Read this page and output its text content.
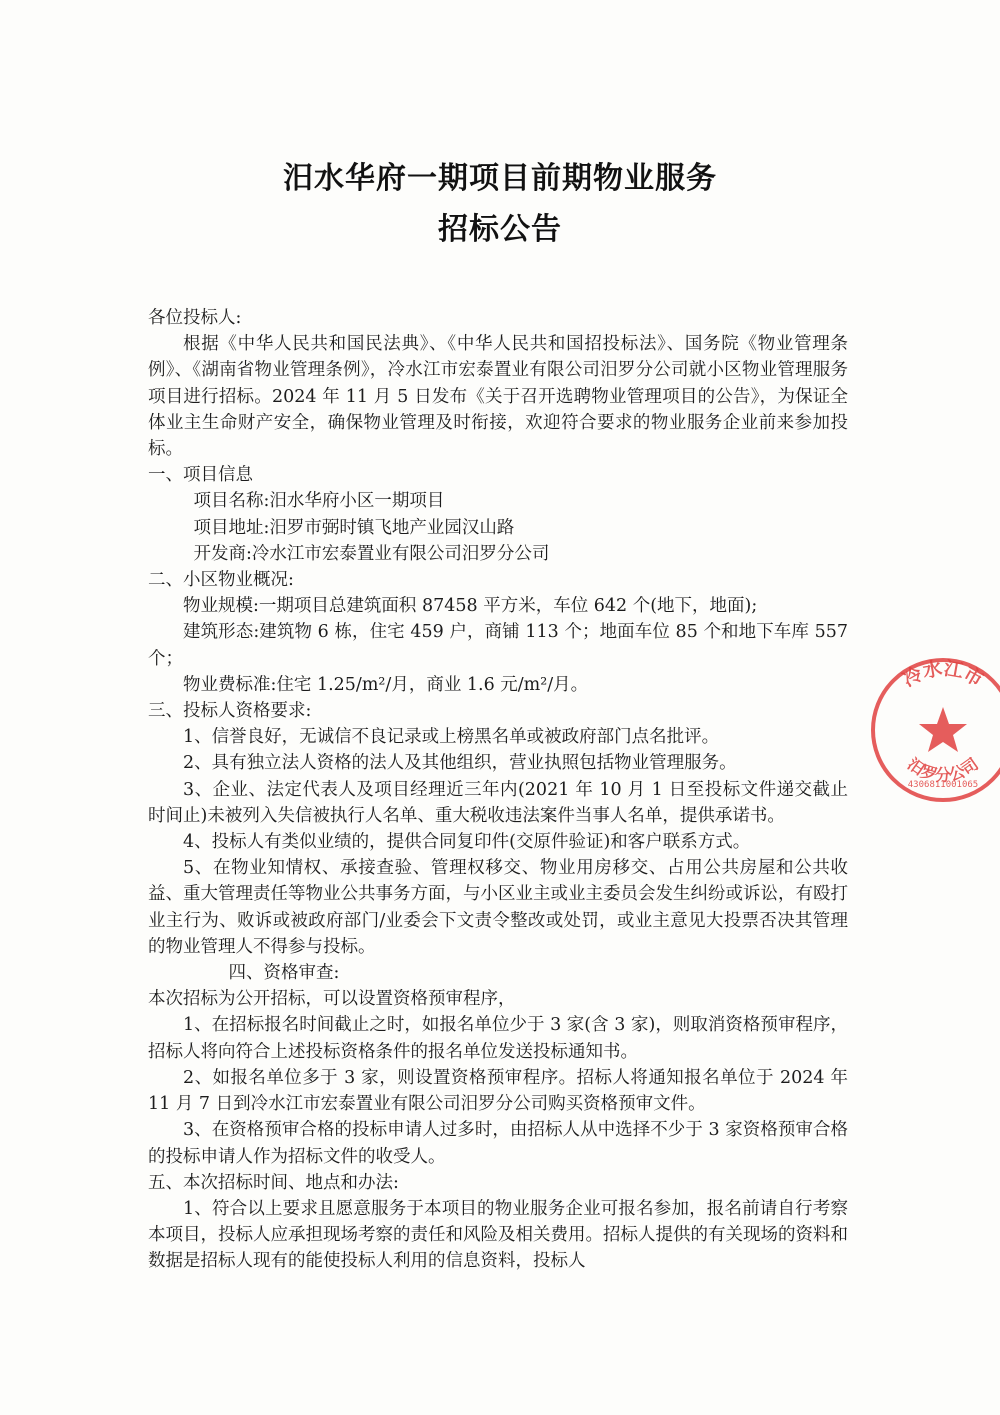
汨水华府一期项目前期物业服务
招标公告

各位投标人:

根据《中华人民共和国民法典》、《中华人民共和国招投标法》、国务院《物业管理条例》、《湖南省物业管理条例》，冷水江市宏泰置业有限公司汨罗分公司就小区物业管理服务项目进行招标。2024 年 11 月 5 日发布《关于召开选聘物业管理项目的公告》，为保证全体业主生命财产安全，确保物业管理及时衔接，欢迎符合要求的物业服务企业前来参加投标。

一、项目信息

项目名称:汨水华府小区一期项目

项目地址:汨罗市弼时镇飞地产业园汉山路

开发商:冷水江市宏泰置业有限公司汨罗分公司

二、小区物业概况:

物业规模:一期项目总建筑面积 87458 平方米，车位 642 个(地下，地面);

建筑形态:建筑物 6 栋，住宅 459 户，商铺 113 个；地面车位 85 个和地下车库 557 个；

物业费标准:住宅 1.25/m²/月，商业 1.6 元/m²/月。

三、投标人资格要求:

1、信誉良好，无诚信不良记录或上榜黑名单或被政府部门点名批评。

2、具有独立法人资格的法人及其他组织，营业执照包括物业管理服务。

3、企业、法定代表人及项目经理近三年内(2021 年 10 月 1 日至投标文件递交截止时间止)未被列入失信被执行人名单、重大税收违法案件当事人名单，提供承诺书。

4、投标人有类似业绩的，提供合同复印件(交原件验证)和客户联系方式。

5、在物业知情权、承接查验、管理权移交、物业用房移交、占用公共房屋和公共收益、重大管理责任等物业公共事务方面，与小区业主或业主委员会发生纠纷或诉讼，有殴打业主行为、败诉或被政府部门/业委会下文责令整改或处罚，或业主意见大投票否决其管理的物业管理人不得参与投标。

四、资格审查:

本次招标为公开招标，可以设置资格预审程序，

1、在招标报名时间截止之时，如报名单位少于 3 家(含 3 家)，则取消资格预审程序，招标人将向符合上述投标资格条件的报名单位发送投标通知书。

2、如报名单位多于 3 家，则设置资格预审程序。招标人将通知报名单位于 2024 年 11 月 7 日到冷水江市宏泰置业有限公司汨罗分公司购买资格预审文件。

3、在资格预审合格的投标申请人过多时，由招标人从中选择不少于 3 家资格预审合格的投标申请人作为招标文件的收受人。

五、本次招标时间、地点和办法:

1、符合以上要求且愿意服务于本项目的物业服务企业可报名参加，报名前请自行考察本项目，投标人应承担现场考察的责任和风险及相关费用。招标人提供的有关现场的资料和数据是招标人现有的能使投标人利用的信息资料，投标人

冷水江市
汨罗分公司
4306811001065
